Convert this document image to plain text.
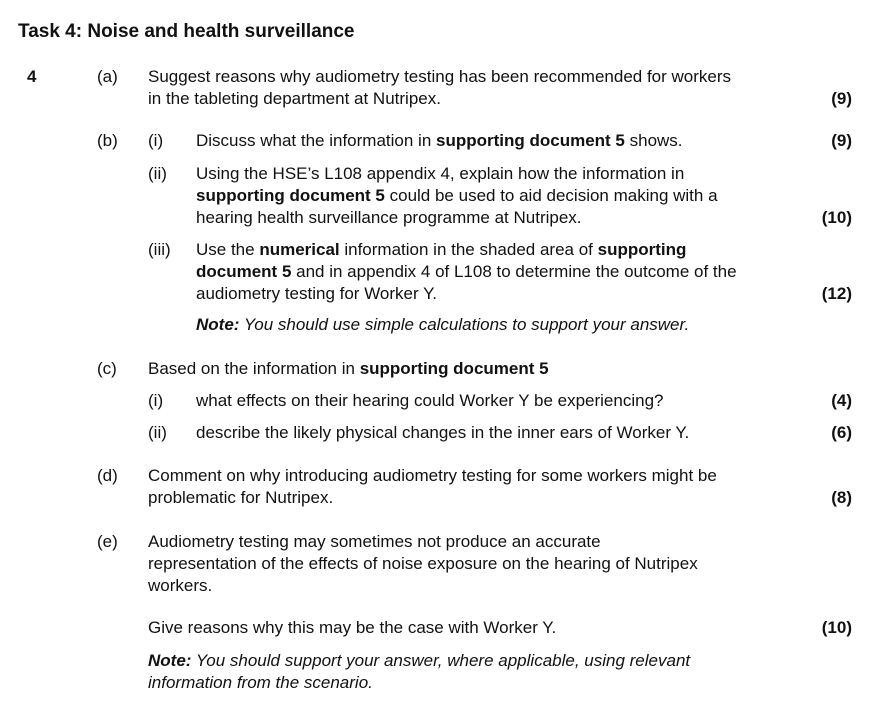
Task 4: Noise and health surveillance
4	(a) Suggest reasons why audiometry testing has been recommended for workers in the tableting department at Nutripex.	(9)
(b) (i) Discuss what the information in supporting document 5 shows.	(9)
(ii) Using the HSE’s L108 appendix 4, explain how the information in supporting document 5 could be used to aid decision making with a hearing health surveillance programme at Nutripex.	(10)
(iii) Use the numerical information in the shaded area of supporting document 5 and in appendix 4 of L108 to determine the outcome of the audiometry testing for Worker Y.	(12)
Note: You should use simple calculations to support your answer.
(c) Based on the information in supporting document 5
(i) what effects on their hearing could Worker Y be experiencing?	(4)
(ii) describe the likely physical changes in the inner ears of Worker Y.	(6)
(d) Comment on why introducing audiometry testing for some workers might be problematic for Nutripex.	(8)
(e) Audiometry testing may sometimes not produce an accurate representation of the effects of noise exposure on the hearing of Nutripex workers.
Give reasons why this may be the case with Worker Y.	(10)
Note: You should support your answer, where applicable, using relevant information from the scenario.
